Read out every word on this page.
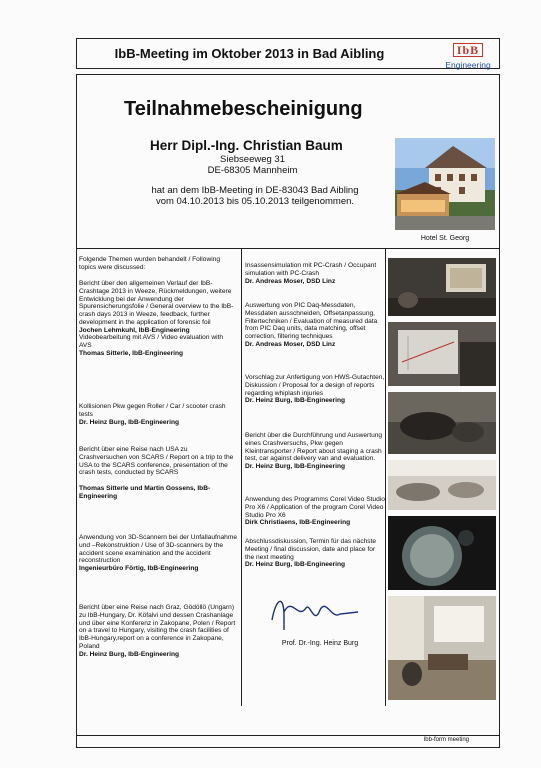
IbB-Meeting im Oktober 2013 in Bad Aibling	IbB
Engineering
Teilnahmebescheinigung
Herr Dipl.-Ing. Christian Baum
Siebseeweg 31
DE-68305 Mannheim
hat an dem IbB-Meeting in DE-83043 Bad Aibling
vom 04.10.2013 bis 05.10.2013 teilgenommen.
Hotel St. Georg
Folgende Themen wurden behandelt / Following topics were discussed:
Bericht über den allgemeinen Verlauf der IbB-Crashtage 2013 in Weeze, Rückmeldungen, weitere Entwicklung bei der Anwendung der Spurensicherungsfolie / General overview to the IbB-crash days 2013 in Weeze, feedback, further development in the application of forensic foil
Jochen Lehmkuhl, IbB-Engineering
Videobearbeitung mit AVS / Video evaluation with AVS
Thomas Sitterle, IbB-Engineering
Kollisionen Pkw gegen Roller / Car / scooter crash tests
Dr. Heinz Burg, IbB-Engineering
Bericht über eine Reise nach USA zu Crashversuchen von SCARS / Report on a trip to the USA to the SCARS conference, presentation of the crash tests, conducted by SCARS
Thomas Sitterle und Martin Gossens, IbB-Engineering
Anwendung von 3D-Scannern bei der Unfallaufnahme und –Rekonstruktion / Use of 3D-scanners by the accident scene examination and the accident reconstruction
Ingenieurbüro Förtig, IbB-Engineering
Bericht über eine Reise nach Graz, Gödöllö (Ungarn) zu IbB-Hungary, Dr. Köfalvi und dessen Crashanlage und über eine Konferenz in Zakopane, Polen / Report on a travel to Hungary, visiting the crash facilities of IbB-Hungary,report on a conference in Zakopane, Poland
Dr. Heinz Burg, IbB-Engineering
Insassensimulation mit PC-Crash / Occupant simulation with PC-Crash
Dr. Andreas Moser, DSD Linz
Auswertung von PIC Daq-Messdaten, Messdaten ausschneiden, Offsetanpassung, Filtertechniken / Evaluation of measured data from PIC Daq units, data matching, offset correction, filtering techniques
Dr. Andreas Moser, DSD Linz
Vorschlag zur Anfertigung von HWS-Gutachten, Diskussion / Proposal for a design of reports regarding whiplash injuries
Dr. Heinz Burg, IbB-Engineering
Bericht über die Durchführung und Auswertung eines Crashversuchs, Pkw gegen Kleintransporter / Report about staging a crash test, car against delivery van and evaluation.
Dr. Heinz Burg, IbB-Engineering
Anwendung des Programms Corel Video Studio Pro X6 / Application of the program Corel Video Studio Pro X6
Dirk Christiaens, IbB-Engineering
Abschlussdiskussion, Termin für das nächste Meeting / final discussion, date and place for the next meeting
Dr. Heinz Burg, IbB-Engineering
Prof. Dr.-Ing. Heinz Burg
Ibb-form meeting
